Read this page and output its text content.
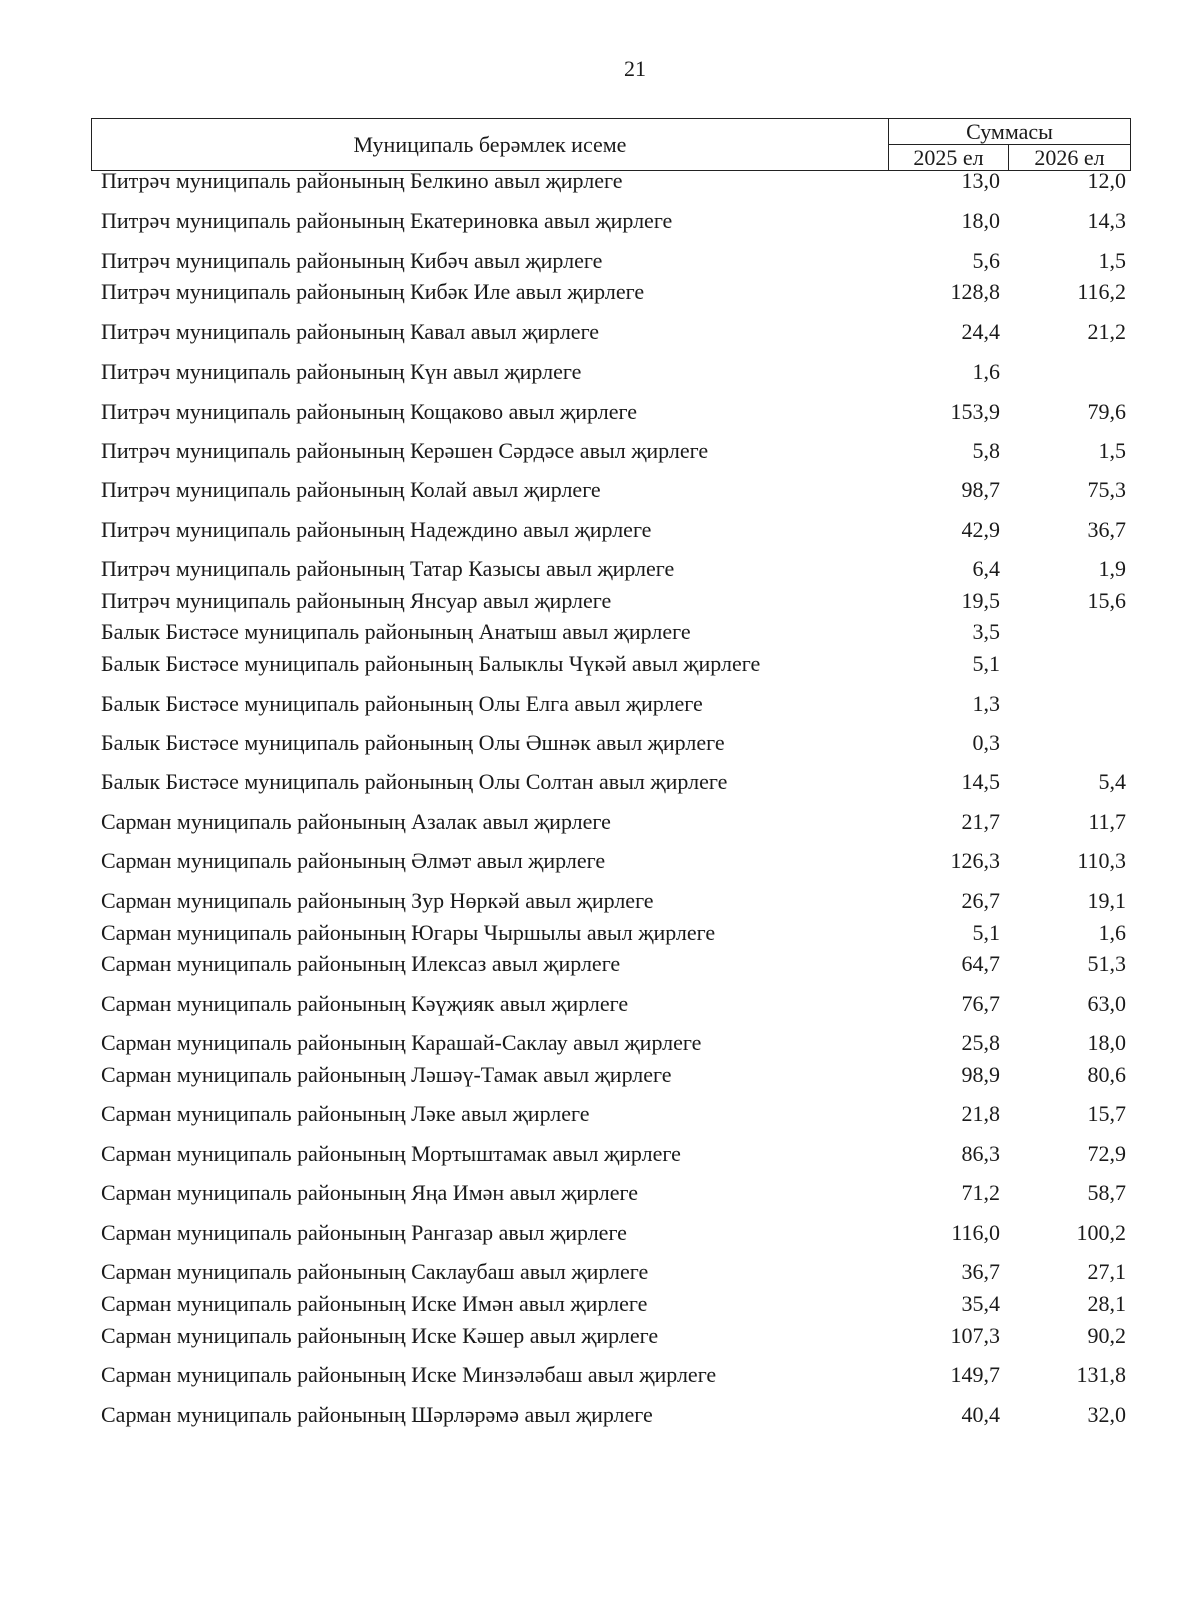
21
Муниципаль берәмлек исеме	Суммасы
2025 ел	2026 ел
Питрәч муниципаль районының Белкино авыл җирлеге	13,0	12,0
Питрәч муниципаль районының Екатериновка авыл җирлеге	18,0	14,3
Питрәч муниципаль районының Кибәч авыл җирлеге	5,6	1,5
Питрәч муниципаль районының Кибәк Иле авыл җирлеге	128,8	116,2
Питрәч муниципаль районының Кавал авыл җирлеге	24,4	21,2
Питрәч муниципаль районының Күн авыл җирлеге	1,6
Питрәч муниципаль районының Кощаково авыл җирлеге	153,9	79,6
Питрәч муниципаль районының Керәшен Сәрдәсе авыл җирлеге	5,8	1,5
Питрәч муниципаль районының Колай авыл җирлеге	98,7	75,3
Питрәч муниципаль районының Надеждино авыл җирлеге	42,9	36,7
Питрәч муниципаль районының Татар Казысы авыл җирлеге	6,4	1,9
Питрәч муниципаль районының Янсуар авыл җирлеге	19,5	15,6
Балык Бистәсе муниципаль районының Анатыш авыл җирлеге	3,5
Балык Бистәсе муниципаль районының Балыклы Чүкәй авыл җирлеге	5,1
Балык Бистәсе муниципаль районының Олы Елга авыл җирлеге	1,3
Балык Бистәсе муниципаль районының Олы Әшнәк авыл җирлеге	0,3
Балык Бистәсе муниципаль районының Олы Солтан авыл җирлеге	14,5	5,4
Сарман муниципаль районының Азалак авыл җирлеге	21,7	11,7
Сарман муниципаль районының Әлмәт авыл җирлеге	126,3	110,3
Сарман муниципаль районының Зур Нөркәй авыл җирлеге	26,7	19,1
Сарман муниципаль районының Югары Чыршылы авыл җирлеге	5,1	1,6
Сарман муниципаль районының Илексаз авыл җирлеге	64,7	51,3
Сарман муниципаль районының Кәүҗияк авыл җирлеге	76,7	63,0
Сарман муниципаль районының Карашай-Саклау авыл җирлеге	25,8	18,0
Сарман муниципаль районының Ләшәү-Тамак авыл җирлеге	98,9	80,6
Сарман муниципаль районының Ләке авыл җирлеге	21,8	15,7
Сарман муниципаль районының Мортыштамак авыл җирлеге	86,3	72,9
Сарман муниципаль районының Яңа Имән авыл җирлеге	71,2	58,7
Сарман муниципаль районының Рангазар авыл җирлеге	116,0	100,2
Сарман муниципаль районының Саклаубаш авыл җирлеге	36,7	27,1
Сарман муниципаль районының Иске Имән авыл җирлеге	35,4	28,1
Сарман муниципаль районының Иске Кәшер авыл җирлеге	107,3	90,2
Сарман муниципаль районының Иске Минзәләбаш авыл җирлеге	149,7	131,8
Сарман муниципаль районының Шәрләрәмә авыл җирлеге	40,4	32,0
